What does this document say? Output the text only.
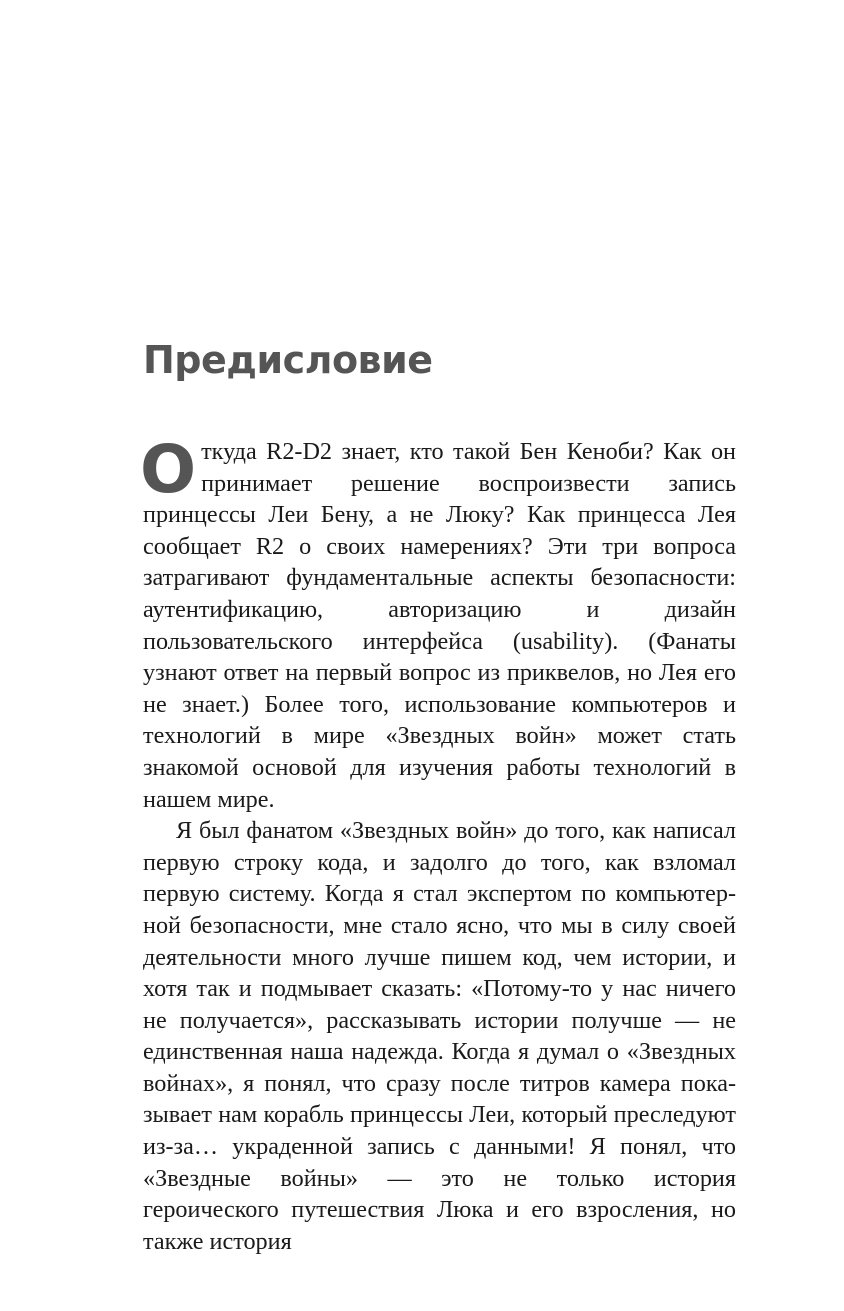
Предисловие

Откуда R2-D2 знает, кто такой Бен Кеноби? Как он принимает решение воспроизвести запись принцессы Леи Бену, а не Люку? Как принцесса Лея сообщает R2 о своих намерениях? Эти три вопроса затрагивают фундаментальные аспекты безопасности: аутентификацию, авторизацию и дизайн пользовательского интерфейса (usability). (Фанаты узнают ответ на первый вопрос из приквелов, но Лея его не знает.) Более того, использование компьютеров и технологий в мире «Звездных войн» может стать знакомой основой для изучения работы технологий в нашем мире.

Я был фанатом «Звездных войн» до того, как написал первую строку кода, и задолго до того, как взломал первую систему. Когда я стал экспертом по компьютерной безопасности, мне стало ясно, что мы в силу своей деятельности много лучше пишем код, чем истории, и хотя так и подмывает сказать: «Потому-то у нас ничего не получается», рассказывать истории получше — не единственная наша надежда. Когда я думал о «Звездных войнах», я понял, что сразу после титров камера показывает нам корабль принцессы Леи, который преследуют из-за… украденной запись с данными! Я понял, что «Звездные войны» — это не только история героического путешествия Люка и его взросления, но также история
